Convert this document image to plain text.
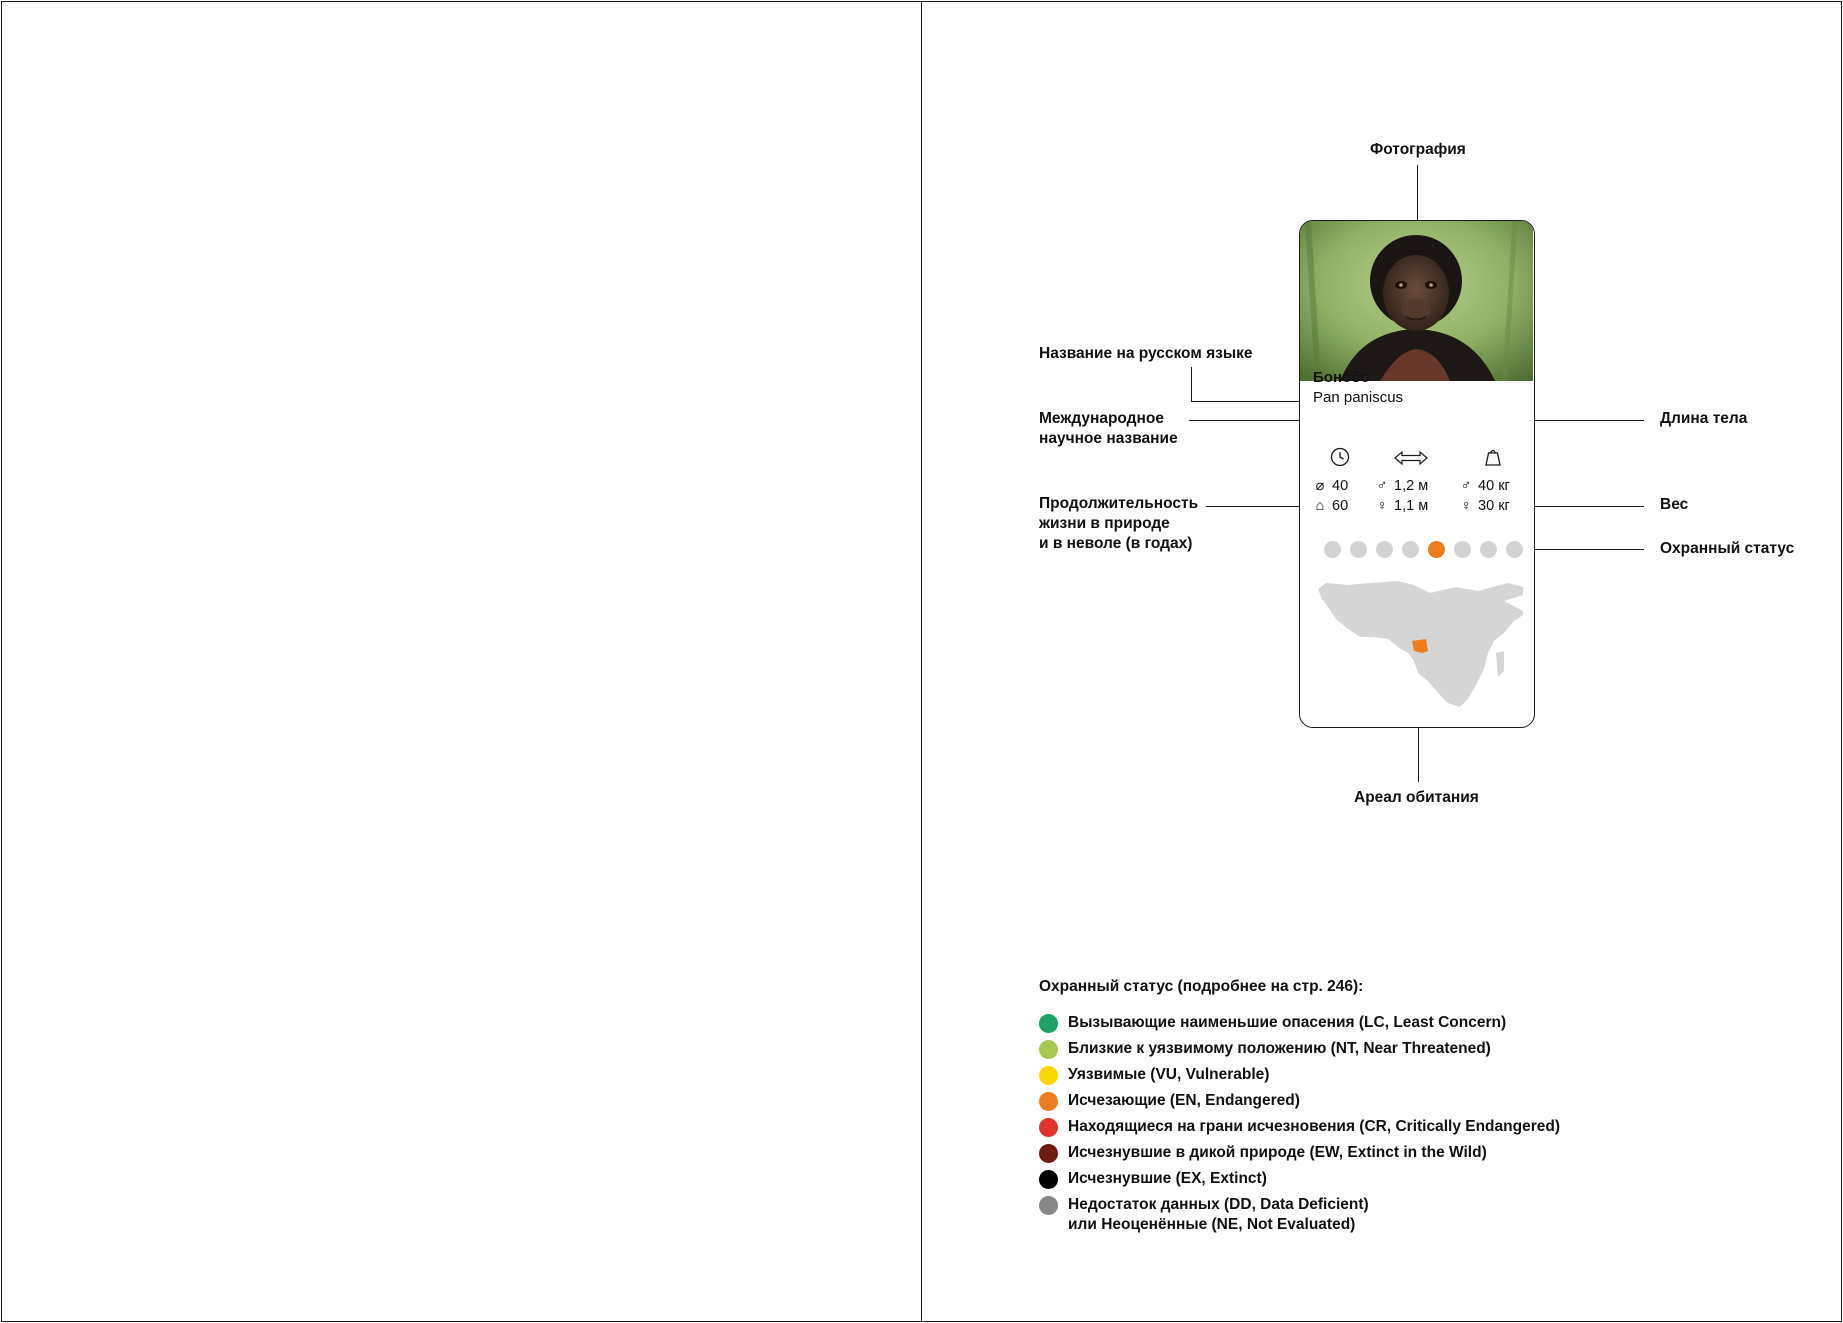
Фотография
Название на русском языке
Международное
научное название
Продолжительность
жизни в природе
и в неволе (в годах)
Длина тела
Вес
Охранный статус
Ареал обитания
Бонобо
Pan paniscus
⌀ 40
⌂ 60
♂ 1,2 м
♀ 1,1 м
♂ 40 кг
♀ 30 кг
Охранный статус (подробнее на стр. 246):
Вызывающие наименьшие опасения (LC, Least Concern)
Близкие к уязвимому положению (NT, Near Threatened)
Уязвимые (VU, Vulnerable)
Исчезающие (EN, Endangered)
Находящиеся на грани исчезновения (CR, Critically Endangered)
Исчезнувшие в дикой природе (EW, Extinct in the Wild)
Исчезнувшие (EX, Extinct)
Недостаток данных (DD, Data Deficient)
или Неоценённые (NE, Not Evaluated)
